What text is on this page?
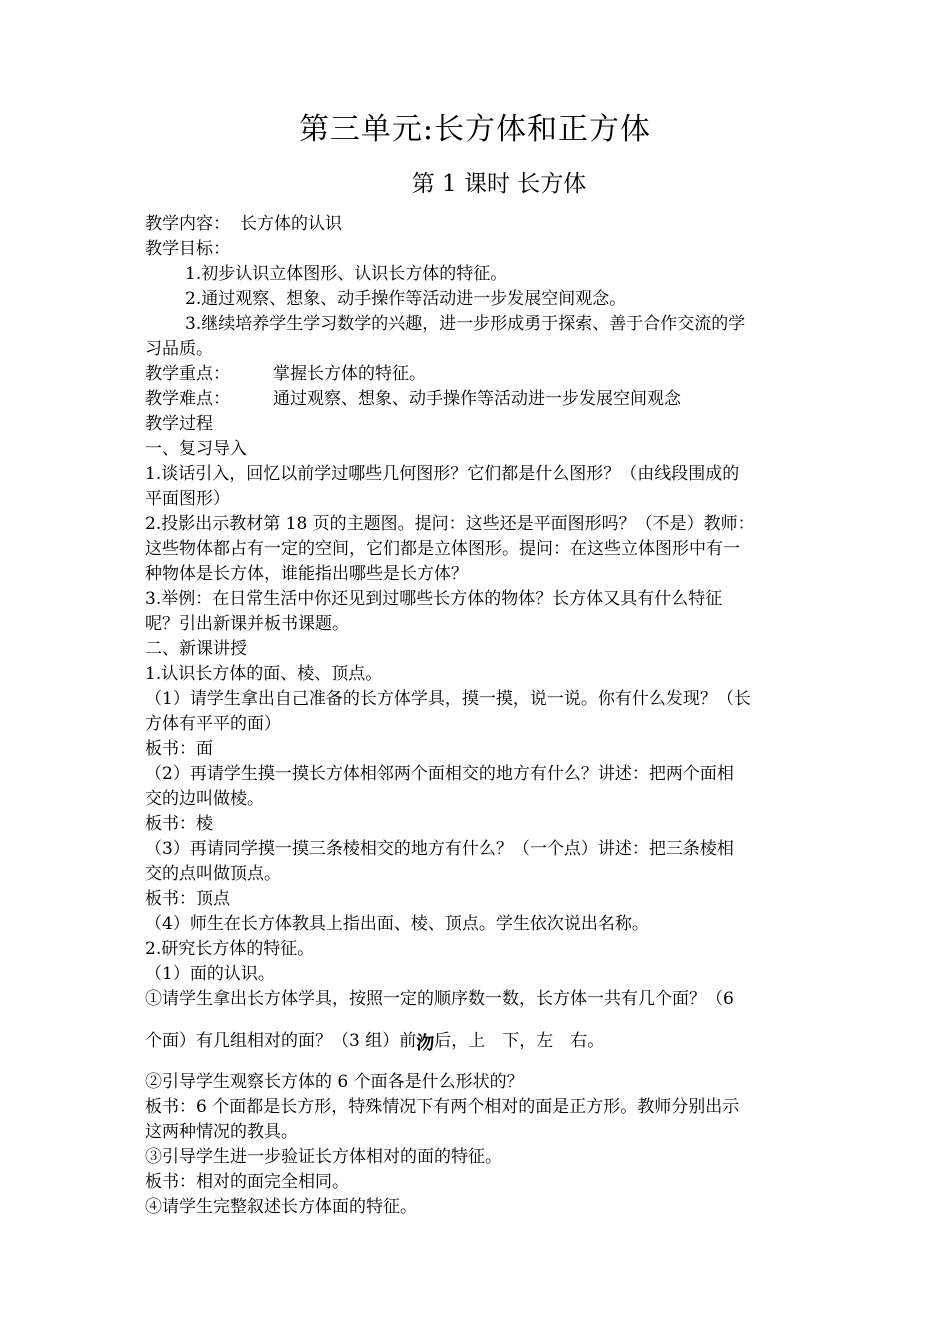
第三单元:长方体和正方体
第 1 课时 长方体
教学内容： 长方体的认识
教学目标：
1.初步认识立体图形、认识长方体的特征。
2.通过观察、想象、动手操作等活动进一步发展空间观念。
3.继续培养学生学习数学的兴趣，进一步形成勇于探索、善于合作交流的学
习品质。
教学重点：	掌握长方体的特征。
教学难点：	通过观察、想象、动手操作等活动进一步发展空间观念
教学过程
一、复习导入
1.谈话引入，回忆以前学过哪些几何图形？它们都是什么图形？（由线段围成的
平面图形）
2.投影出示教材第 18 页的主题图。提问：这些还是平面图形吗？（不是）教师：
这些物体都占有一定的空间，它们都是立体图形。提问：在这些立体图形中有一
种物体是长方体，谁能指出哪些是长方体？
3.举例：在日常生活中你还见到过哪些长方体的物体？长方体又具有什么特征
呢？引出新课并板书课题。
二、新课讲授
1.认识长方体的面、棱、顶点。
（1）请学生拿出自己准备的长方体学具，摸一摸，说一说。你有什么发现？（长
方体有平平的面）
板书：面
（2）再请学生摸一摸长方体相邻两个面相交的地方有什么？讲述：把两个面相
交的边叫做棱。
板书：棱
（3）再请同学摸一摸三条棱相交的地方有什么？（一个点）讲述：把三条棱相
交的点叫做顶点。
板书：顶点
（4）师生在长方体教具上指出面、棱、顶点。学生依次说出名称。
2.研究长方体的特征。
（1）面的认识。
①请学生拿出长方体学具，按照一定的顺序数一数，长方体一共有几个面？（6
个面）有几组相对的面？（3 组）前沕后，上　下，左　右。
②引导学生观察长方体的 6 个面各是什么形状的？
板书：6 个面都是长方形，特殊情况下有两个相对的面是正方形。教师分别出示
这两种情况的教具。
③引导学生进一步验证长方体相对的面的特征。
板书：相对的面完全相同。
④请学生完整叙述长方体面的特征。
